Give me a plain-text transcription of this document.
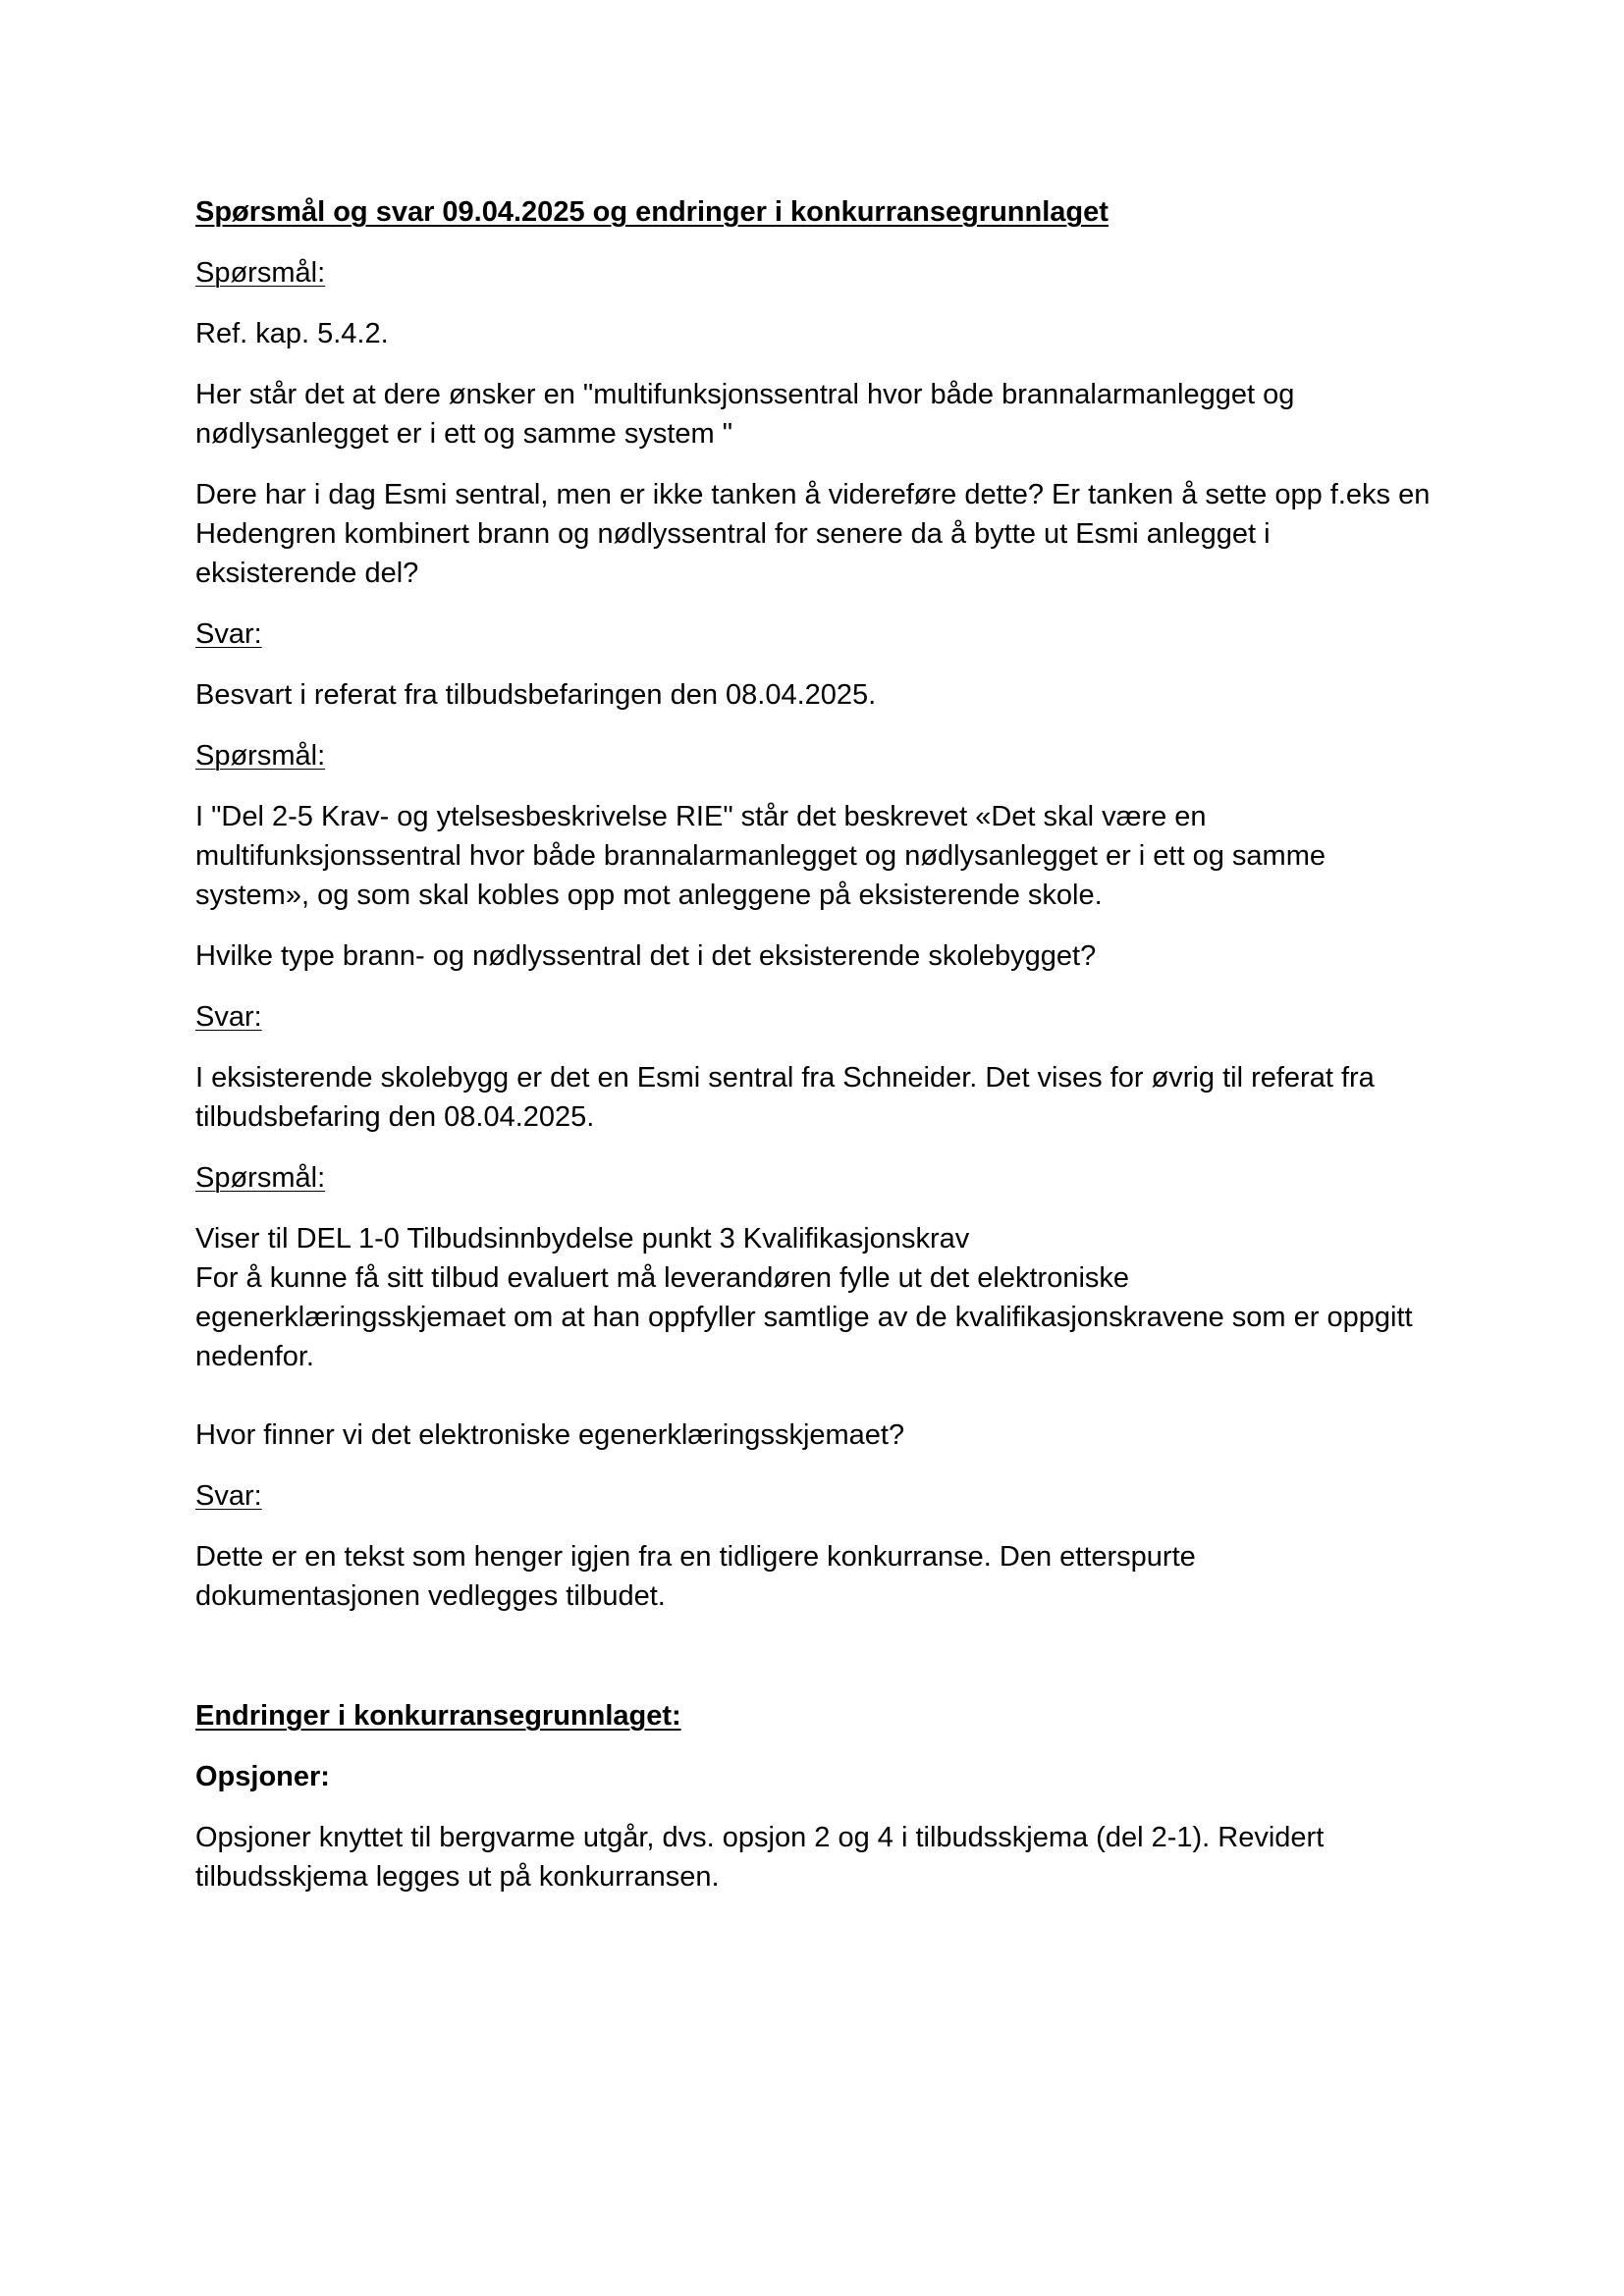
Spørsmål og svar 09.04.2025 og endringer i konkurransegrunnlaget
Spørsmål:
Ref. kap. 5.4.2.
Her står det at dere ønsker en "multifunksjonssentral hvor både brannalarmanlegget og
nødlysanlegget er i ett og samme system "
Dere har i dag Esmi sentral, men er ikke tanken å videreføre dette? Er tanken å sette opp f.eks en
Hedengren kombinert brann og nødlyssentral for senere da å bytte ut Esmi anlegget i
eksisterende del?
Svar:
Besvart i referat fra tilbudsbefaringen den 08.04.2025.
Spørsmål:
I "Del 2-5 Krav- og ytelsesbeskrivelse RIE" står det beskrevet «Det skal være en
multifunksjonssentral hvor både brannalarmanlegget og nødlysanlegget er i ett og samme
system», og som skal kobles opp mot anleggene på eksisterende skole.
Hvilke type brann- og nødlyssentral det i det eksisterende skolebygget?
Svar:
I eksisterende skolebygg er det en Esmi sentral fra Schneider. Det vises for øvrig til referat fra
tilbudsbefaring den 08.04.2025.
Spørsmål:
Viser til DEL 1-0 Tilbudsinnbydelse punkt 3 Kvalifikasjonskrav
For å kunne få sitt tilbud evaluert må leverandøren fylle ut det elektroniske
egenerklæringsskjemaet om at han oppfyller samtlige av de kvalifikasjonskravene som er oppgitt
nedenfor.
Hvor finner vi det elektroniske egenerklæringsskjemaet?
Svar:
Dette er en tekst som henger igjen fra en tidligere konkurranse. Den etterspurte
dokumentasjonen vedlegges tilbudet.
Endringer i konkurransegrunnlaget:
Opsjoner:
Opsjoner knyttet til bergvarme utgår, dvs. opsjon 2 og 4 i tilbudsskjema (del 2-1). Revidert
tilbudsskjema legges ut på konkurransen.
